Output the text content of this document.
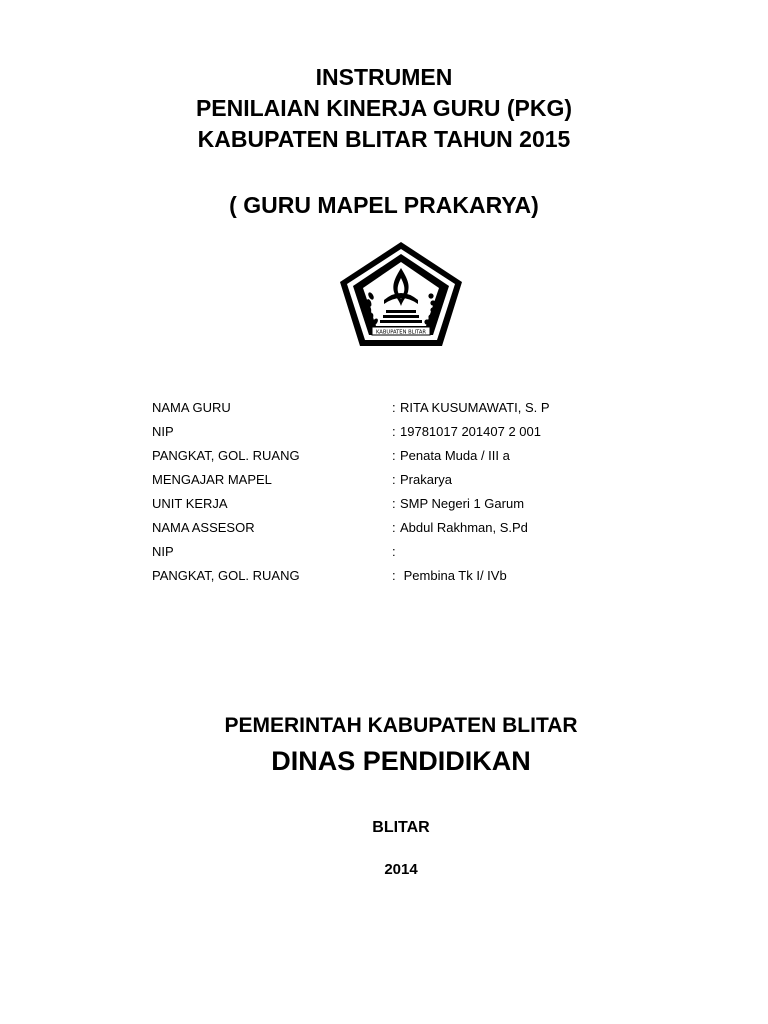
INSTRUMEN
PENILAIAN KINERJA GURU (PKG)
KABUPATEN BLITAR TAHUN 2015
( GURU MAPEL PRAKARYA)
KABUPATEN BLITAR
NAMA GURU	: RITA KUSUMAWATI, S. P
NIP	: 19781017 201407 2 001
PANGKAT, GOL. RUANG	: Penata Muda / III a
MENGAJAR MAPEL	: Prakarya
UNIT KERJA	: SMP Negeri 1 Garum
NAMA ASSESOR	: Abdul Rakhman, S.Pd
NIP	:
PANGKAT, GOL. RUANG	: Pembina Tk I/ IVb
PEMERINTAH KABUPATEN BLITAR
DINAS PENDIDIKAN
BLITAR
2014
